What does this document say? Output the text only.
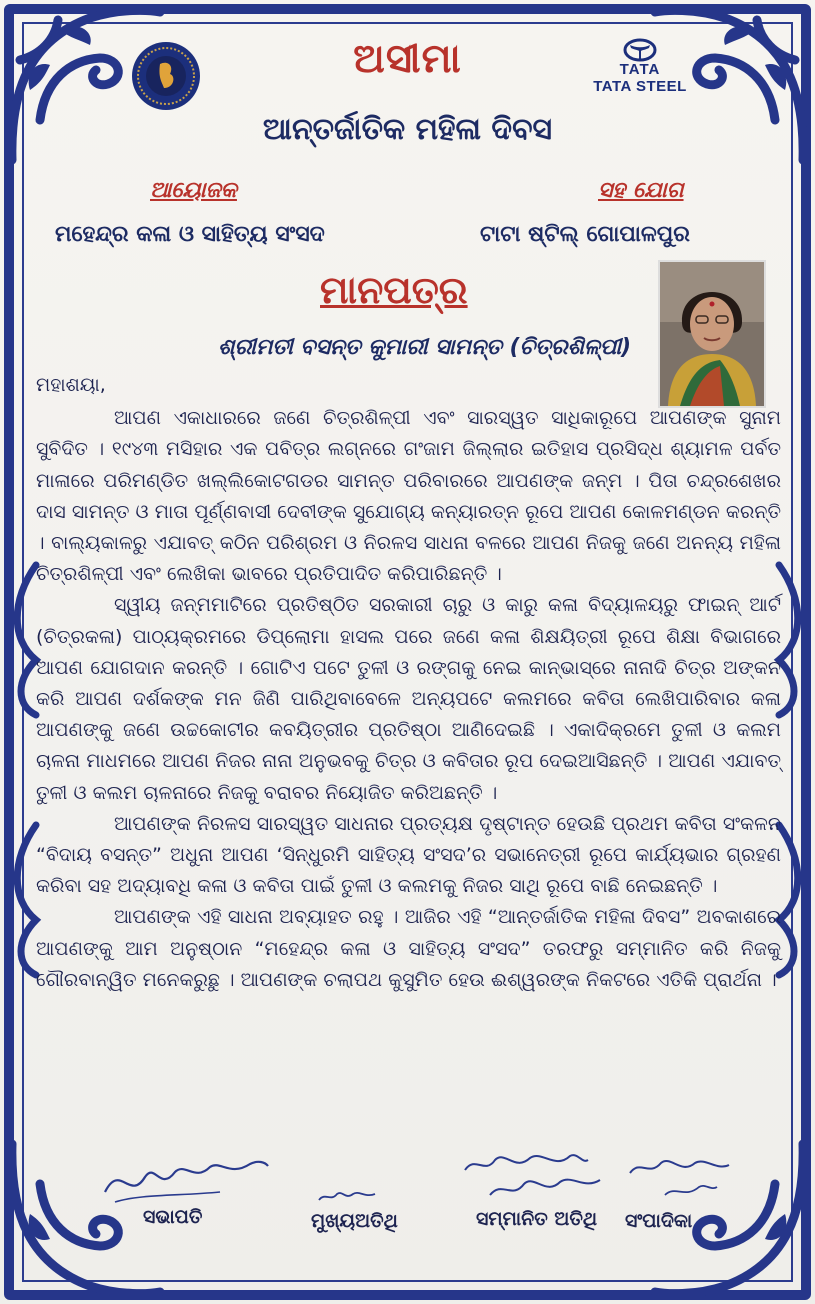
TATA
TATA STEEL
ଅସୀମା
ଆନ୍ତର୍ଜାତିକ ମହିଳା ଦିବସ
ଆୟୋଜକ	ସହ ଯୋଗ
ମହେନ୍ଦ୍ର କଳା ଓ ସାହିତ୍ୟ ସଂସଦ	ଟାଟା ଷ୍ଟିଲ୍ ଗୋପାଳପୁର
ମାନପତ୍ର
ଶ୍ରୀମତୀ ବସନ୍ତ କୁମାରୀ ସାମନ୍ତ (ଚିତ୍ରଶିଳ୍ପୀ)
ମହାଶୟା,

ଆପଣ ଏକାଧାରରେ ଜଣେ ଚିତ୍ରଶିଳ୍ପୀ ଏବଂ ସାରସ୍ୱତ ସାଧିକାରୂପେ ଆପଣଙ୍କ ସୁନାମ ସୁବିଦିତ । ୧୯୪୩ ମସିହାର ଏକ ପବିତ୍ର ଲଗ୍ନରେ ଗଂଜାମ ଜିଲ୍ଲାର ଇତିହାସ ପ୍ରସିଦ୍ଧ ଶ୍ୟାମଳ ପର୍ବତ ମାଳାରେ ପରିମଣ୍ଡିତ ଖଲ୍ଲିକୋଟଗଡର ସାମନ୍ତ ପରିବାରରେ ଆପଣଙ୍କ ଜନ୍ମ । ପିତା ଚନ୍ଦ୍ରଶେଖର ଦାସ ସାମନ୍ତ ଓ ମାତା ପୂର୍ଣ୍ଣବାସୀ ଦେବୀଙ୍କ ସୁଯୋଗ୍ୟ କନ୍ୟାରତ୍ନ ରୂପେ ଆପଣ କୋଳମଣ୍ଡନ କରନ୍ତି । ବାଲ୍ୟକାଳରୁ ଏଯାବତ୍ କଠିନ ପରିଶ୍ରମ ଓ ନିରଳସ ସାଧନା ବଳରେ ଆପଣ ନିଜକୁ ଜଣେ ଅନନ୍ୟ ମହିଳା ଚିତ୍ରଶିଳ୍ପୀ ଏବଂ ଲେଖିକା ଭାବରେ ପ୍ରତିପାଦିତ କରିପାରିଛନ୍ତି ।

ସ୍ୱୀୟ ଜନ୍ମମାଟିରେ ପ୍ରତିଷ୍ଠିତ ସରକାରୀ ଚାରୁ ଓ କାରୁ କଳା ବିଦ୍ୟାଳୟରୁ ଫାଇନ୍ ଆର୍ଟ (ଚିତ୍ରକଳା) ପାଠ୍ୟକ୍ରମରେ ଡିପ୍ଲୋମା ହାସଲ ପରେ ଜଣେ କଳା ଶିକ୍ଷୟିତ୍ରୀ ରୂପେ ଶିକ୍ଷା ବିଭାଗରେ ଆପଣ ଯୋଗଦାନ କରନ୍ତି । ଗୋଟିଏ ପଟେ ତୁଳୀ ଓ ରଙ୍ଗକୁ ନେଇ କାନ୍‌ଭାସ୍‌ରେ ନାନାଦି ଚିତ୍ର ଅଙ୍କନ କରି ଆପଣ ଦର୍ଶକଙ୍କ ମନ ଜିଣି ପାରିଥିବାବେଳେ ଅନ୍ୟପଟେ କଲମରେ କବିତା ଲେଖିପାରିବାର କଳା ଆପଣଙ୍କୁ ଜଣେ ଉଚ୍ଚକୋଟୀର କବୟିତ୍ରୀର ପ୍ରତିଷ୍ଠା ଆଣିଦେଇଛି । ଏକାଦିକ୍ରମେ ତୁଳୀ ଓ କଲମ ଚାଳନା ମାଧମରେ ଆପଣ ନିଜର ନାନା ଅନୁଭବକୁ ଚିତ୍ର ଓ କବିତାର ରୂପ ଦେଇଆସିଛନ୍ତି । ଆପଣ ଏଯାବତ୍ ତୁଳୀ ଓ କଲମ ଚାଳନାରେ ନିଜକୁ ବରାବର ନିୟୋଜିତ କରିଅଛନ୍ତି ।

ଆପଣଙ୍କ ନିରଳସ ସାରସ୍ୱତ ସାଧନାର ପ୍ରତ୍ୟକ୍ଷ ଦୃଷ୍ଟାନ୍ତ ହେଉଛି ପ୍ରଥମ କବିତା ସଂକଳନ “ବିଦାୟ ବସନ୍ତ” ଅଧୁନା ଆପଣ ‘ସିନ୍ଧୁରମି ସାହିତ୍ୟ ସଂସଦ’ର ସଭାନେତ୍ରୀ ରୂପେ କାର୍ଯ୍ୟଭାର ଗ୍ରହଣ କରିବା ସହ ଅଦ୍ୟାବଧି କଳା ଓ କବିତା ପାଇଁ ତୁଳୀ ଓ କଲମକୁ ନିଜର ସାଥି ରୂପେ ବାଛି ନେଇଛନ୍ତି ।

ଆପଣଙ୍କ ଏହି ସାଧନା ଅବ୍ୟାହତ ରହୁ । ଆଜିର ଏହି “ଆନ୍ତର୍ଜାତିକ ମହିଳା ଦିବସ” ଅବକାଶରେ ଆପଣଙ୍କୁ ଆମ ଅନୁଷ୍ଠାନ “ମହେନ୍ଦ୍ର କଳା ଓ ସାହିତ୍ୟ ସଂସଦ” ତରଫରୁ ସମ୍ମାନିତ କରି ନିଜକୁ ଗୌରବାନ୍ୱିତ ମନେକରୁଛୁ । ଆପଣଙ୍କ ଚଲାପଥ କୁସୁମିତ ହେଉ ଈଶ୍ୱରଙ୍କ ନିକଟରେ ଏତିକି ପ୍ରାର୍ଥନା ।

ସଭାପତି	ମୁଖ୍ୟଅତିଥି	ସମ୍ମାନିତ ଅତିଥି ସଂପାଦିକା
